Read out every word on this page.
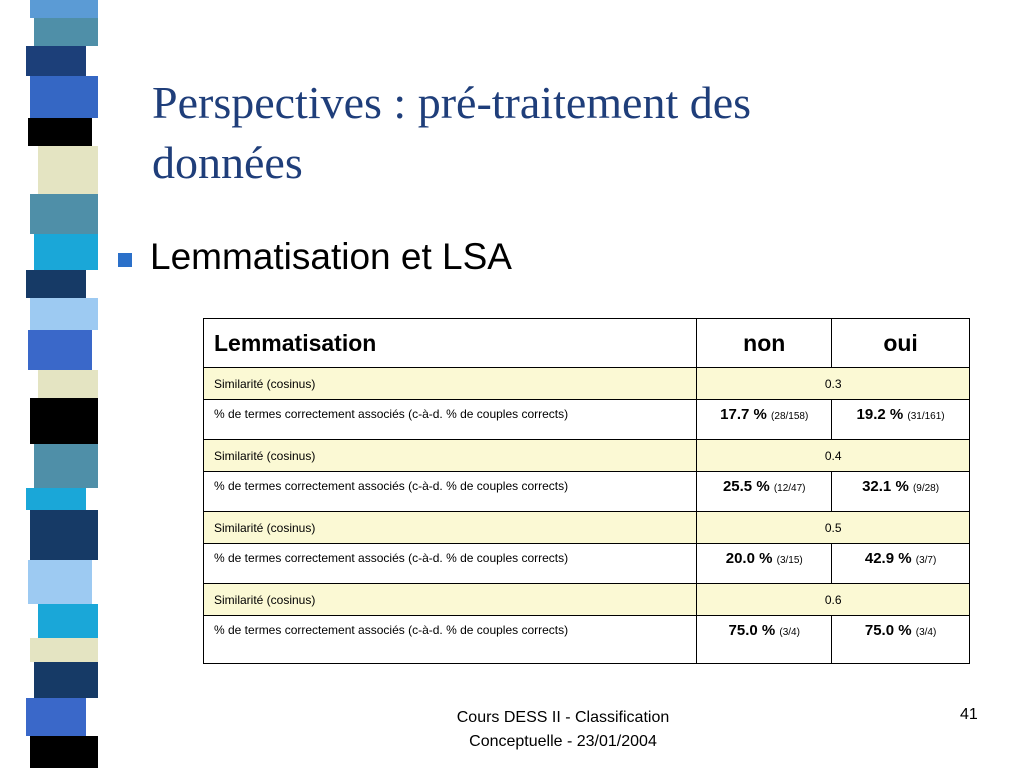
Perspectives : pré-traitement des
données
Lemmatisation et LSA
Lemmatisation	non	oui
Similarité (cosinus)	0.3	
% de termes correctement associés (c-à-d. % de couples corrects)	17.7 % (28/158)	19.2 % (31/161)
Similarité (cosinus)	0.4	
% de termes correctement associés (c-à-d. % de couples corrects)	25.5 % (12/47)	32.1 % (9/28)
Similarité (cosinus)	0.5	
% de termes correctement associés (c-à-d. % de couples corrects)	20.0 % (3/15)	42.9 % (3/7)
Similarité (cosinus)	0.6	
% de termes correctement associés (c-à-d. % de couples corrects)	75.0 % (3/4)	75.0 % (3/4)
Cours DESS II - Classification
Conceptuelle - 23/01/2004
41
